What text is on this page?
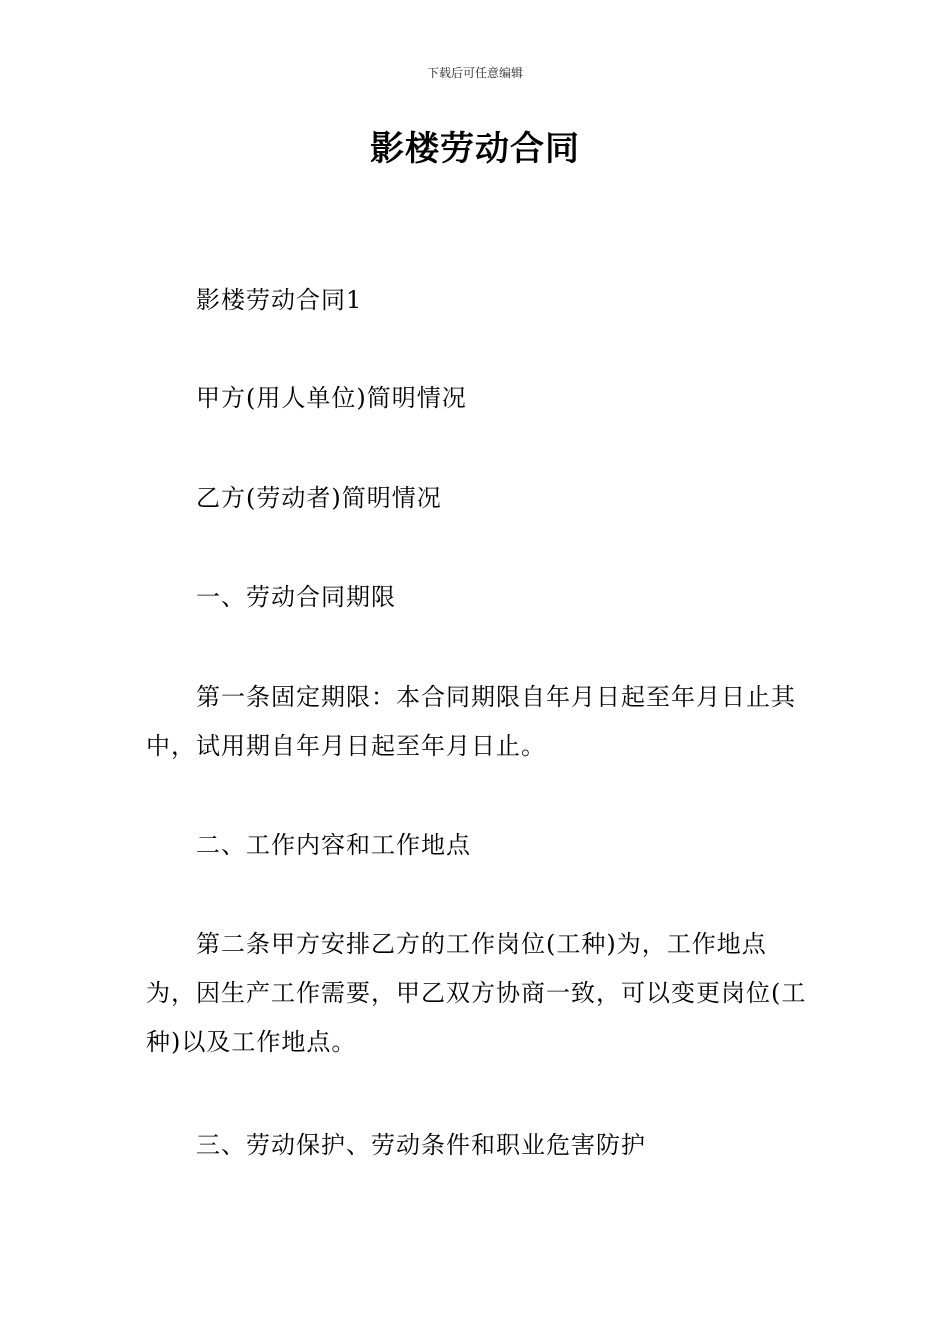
下载后可任意编辑
影楼劳动合同

影楼劳动合同1

甲方(用人单位)简明情况

乙方(劳动者)简明情况

一、劳动合同期限

第一条固定期限：本合同期限自年月日起至年月日止其中，试用期自年月日起至年月日止。

二、工作内容和工作地点

第二条甲方安排乙方的工作岗位(工种)为，工作地点为，因生产工作需要，甲乙双方协商一致，可以变更岗位(工种)以及工作地点。

三、劳动保护、劳动条件和职业危害防护
